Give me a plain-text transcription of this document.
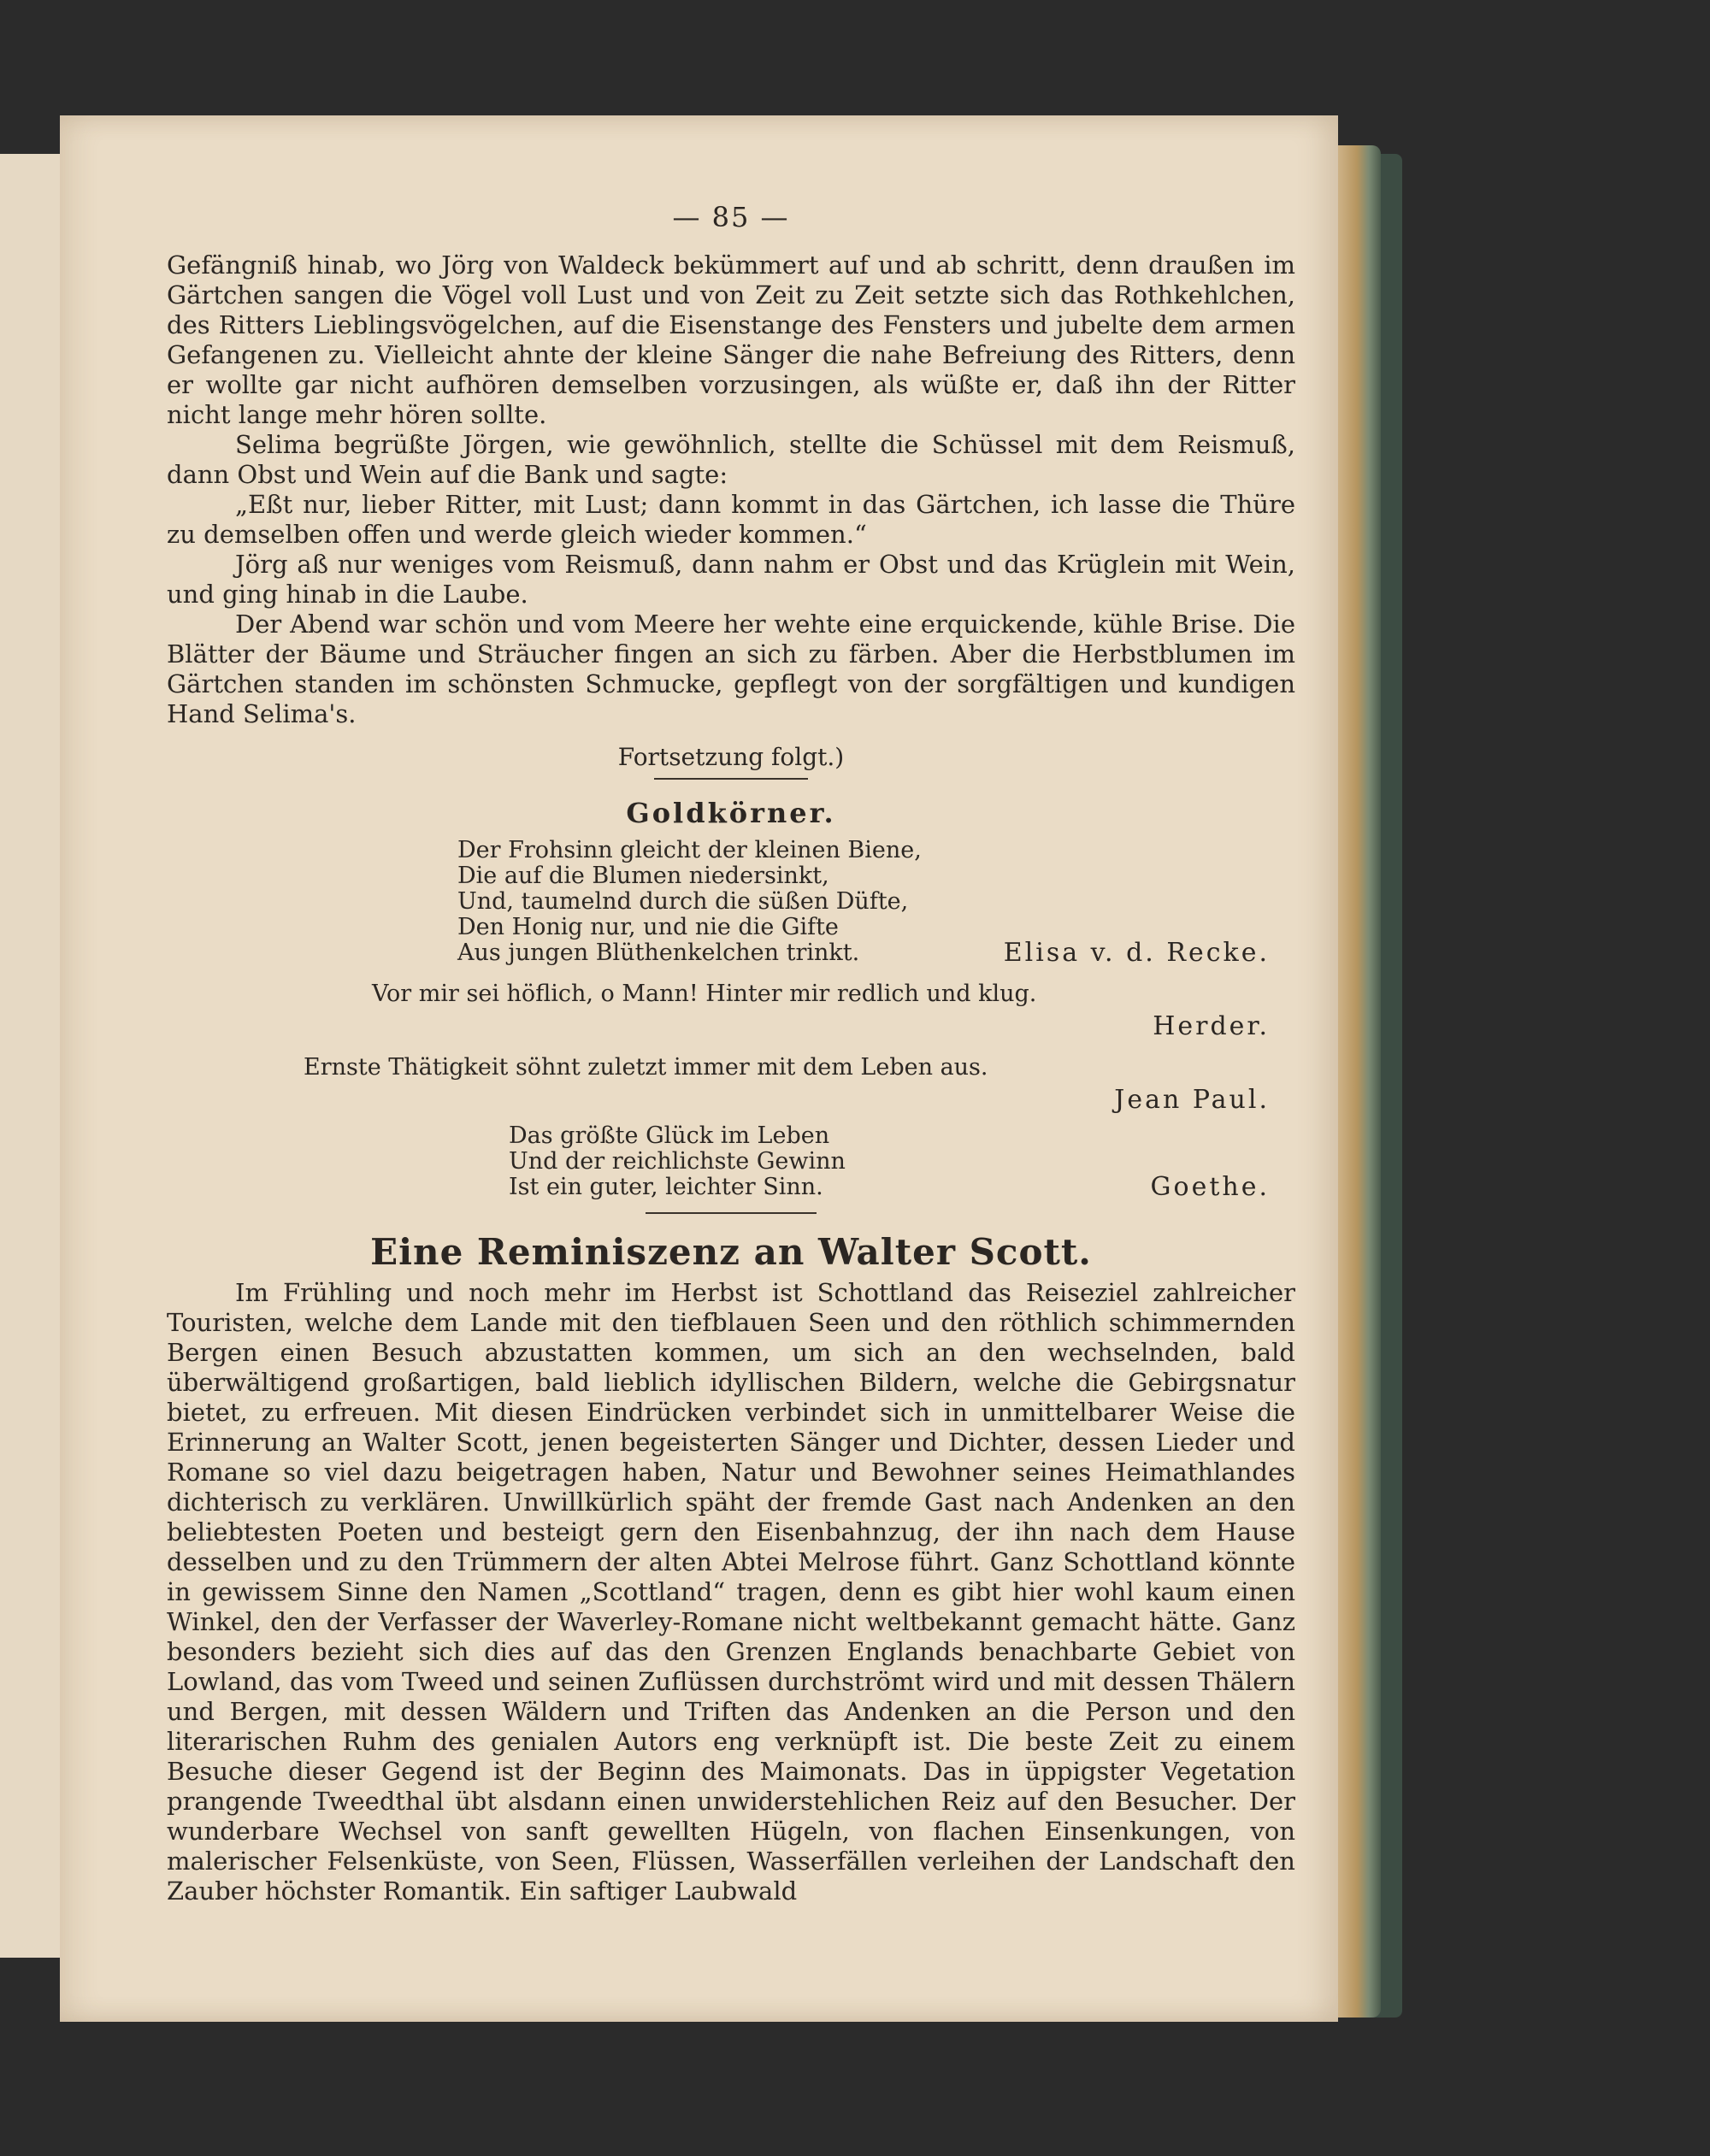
— 85 —

Gefängniß hinab, wo Jörg von Waldeck bekümmert auf und ab schritt, denn draußen im Gärtchen sangen die Vögel voll Lust und von Zeit zu Zeit setzte sich das Rothkehlchen, des Ritters Lieblingsvögelchen, auf die Eisenstange des Fensters und jubelte dem armen Gefangenen zu. Vielleicht ahnte der kleine Sänger die nahe Befreiung des Ritters, denn er wollte gar nicht aufhören demselben vorzusingen, als wüßte er, daß ihn der Ritter nicht lange mehr hören sollte.

Selima begrüßte Jörgen, wie gewöhnlich, stellte die Schüssel mit dem Reismuß, dann Obst und Wein auf die Bank und sagte:

„Eßt nur, lieber Ritter, mit Lust; dann kommt in das Gärtchen, ich lasse die Thüre zu demselben offen und werde gleich wieder kommen.“

Jörg aß nur weniges vom Reismuß, dann nahm er Obst und das Krüglein mit Wein, und ging hinab in die Laube.

Der Abend war schön und vom Meere her wehte eine erquickende, kühle Brise. Die Blätter der Bäume und Sträucher fingen an sich zu färben. Aber die Herbstblumen im Gärtchen standen im schönsten Schmucke, gepflegt von der sorgfältigen und kundigen Hand Selima's.

Fortsetzung folgt.)
Goldkörner.
Der Frohsinn gleicht der kleinen Biene,
Die auf die Blumen niedersinkt,
Und, taumelnd durch die süßen Düfte,
Den Honig nur, und nie die Gifte
Aus jungen Blüthenkelchen trinkt.	Elisa v. d. Recke.
Vor mir sei höflich, o Mann! Hinter mir redlich und klug.
Herder.
Ernste Thätigkeit söhnt zuletzt immer mit dem Leben aus.
Jean Paul.
Das größte Glück im Leben
Und der reichlichste Gewinn
Ist ein guter, leichter Sinn.	Goethe.
Eine Reminiszenz an Walter Scott.

Im Frühling und noch mehr im Herbst ist Schottland das Reiseziel zahlreicher Touristen, welche dem Lande mit den tiefblauen Seen und den röthlich schimmernden Bergen einen Besuch abzustatten kommen, um sich an den wechselnden, bald überwältigend großartigen, bald lieblich idyllischen Bildern, welche die Gebirgsnatur bietet, zu erfreuen. Mit diesen Eindrücken verbindet sich in unmittelbarer Weise die Erinnerung an Walter Scott, jenen begeisterten Sänger und Dichter, dessen Lieder und Romane so viel dazu beigetragen haben, Natur und Bewohner seines Heimathlandes dichterisch zu verklären. Unwillkürlich späht der fremde Gast nach Andenken an den beliebtesten Poeten und besteigt gern den Eisenbahnzug, der ihn nach dem Hause desselben und zu den Trümmern der alten Abtei Melrose führt. Ganz Schottland könnte in gewissem Sinne den Namen „Scottland“ tragen, denn es gibt hier wohl kaum einen Winkel, den der Verfasser der Waverley-Romane nicht weltbekannt gemacht hätte. Ganz besonders bezieht sich dies auf das den Grenzen Englands benachbarte Gebiet von Lowland, das vom Tweed und seinen Zuflüssen durchströmt wird und mit dessen Thälern und Bergen, mit dessen Wäldern und Triften das Andenken an die Person und den literarischen Ruhm des genialen Autors eng verknüpft ist. Die beste Zeit zu einem Besuche dieser Gegend ist der Beginn des Maimonats. Das in üppigster Vegetation prangende Tweedthal übt alsdann einen unwiderstehlichen Reiz auf den Besucher. Der wunderbare Wechsel von sanft gewellten Hügeln, von flachen Einsenkungen, von malerischer Felsenküste, von Seen, Flüssen, Wasserfällen verleihen der Landschaft den Zauber höchster Romantik. Ein saftiger Laubwald
